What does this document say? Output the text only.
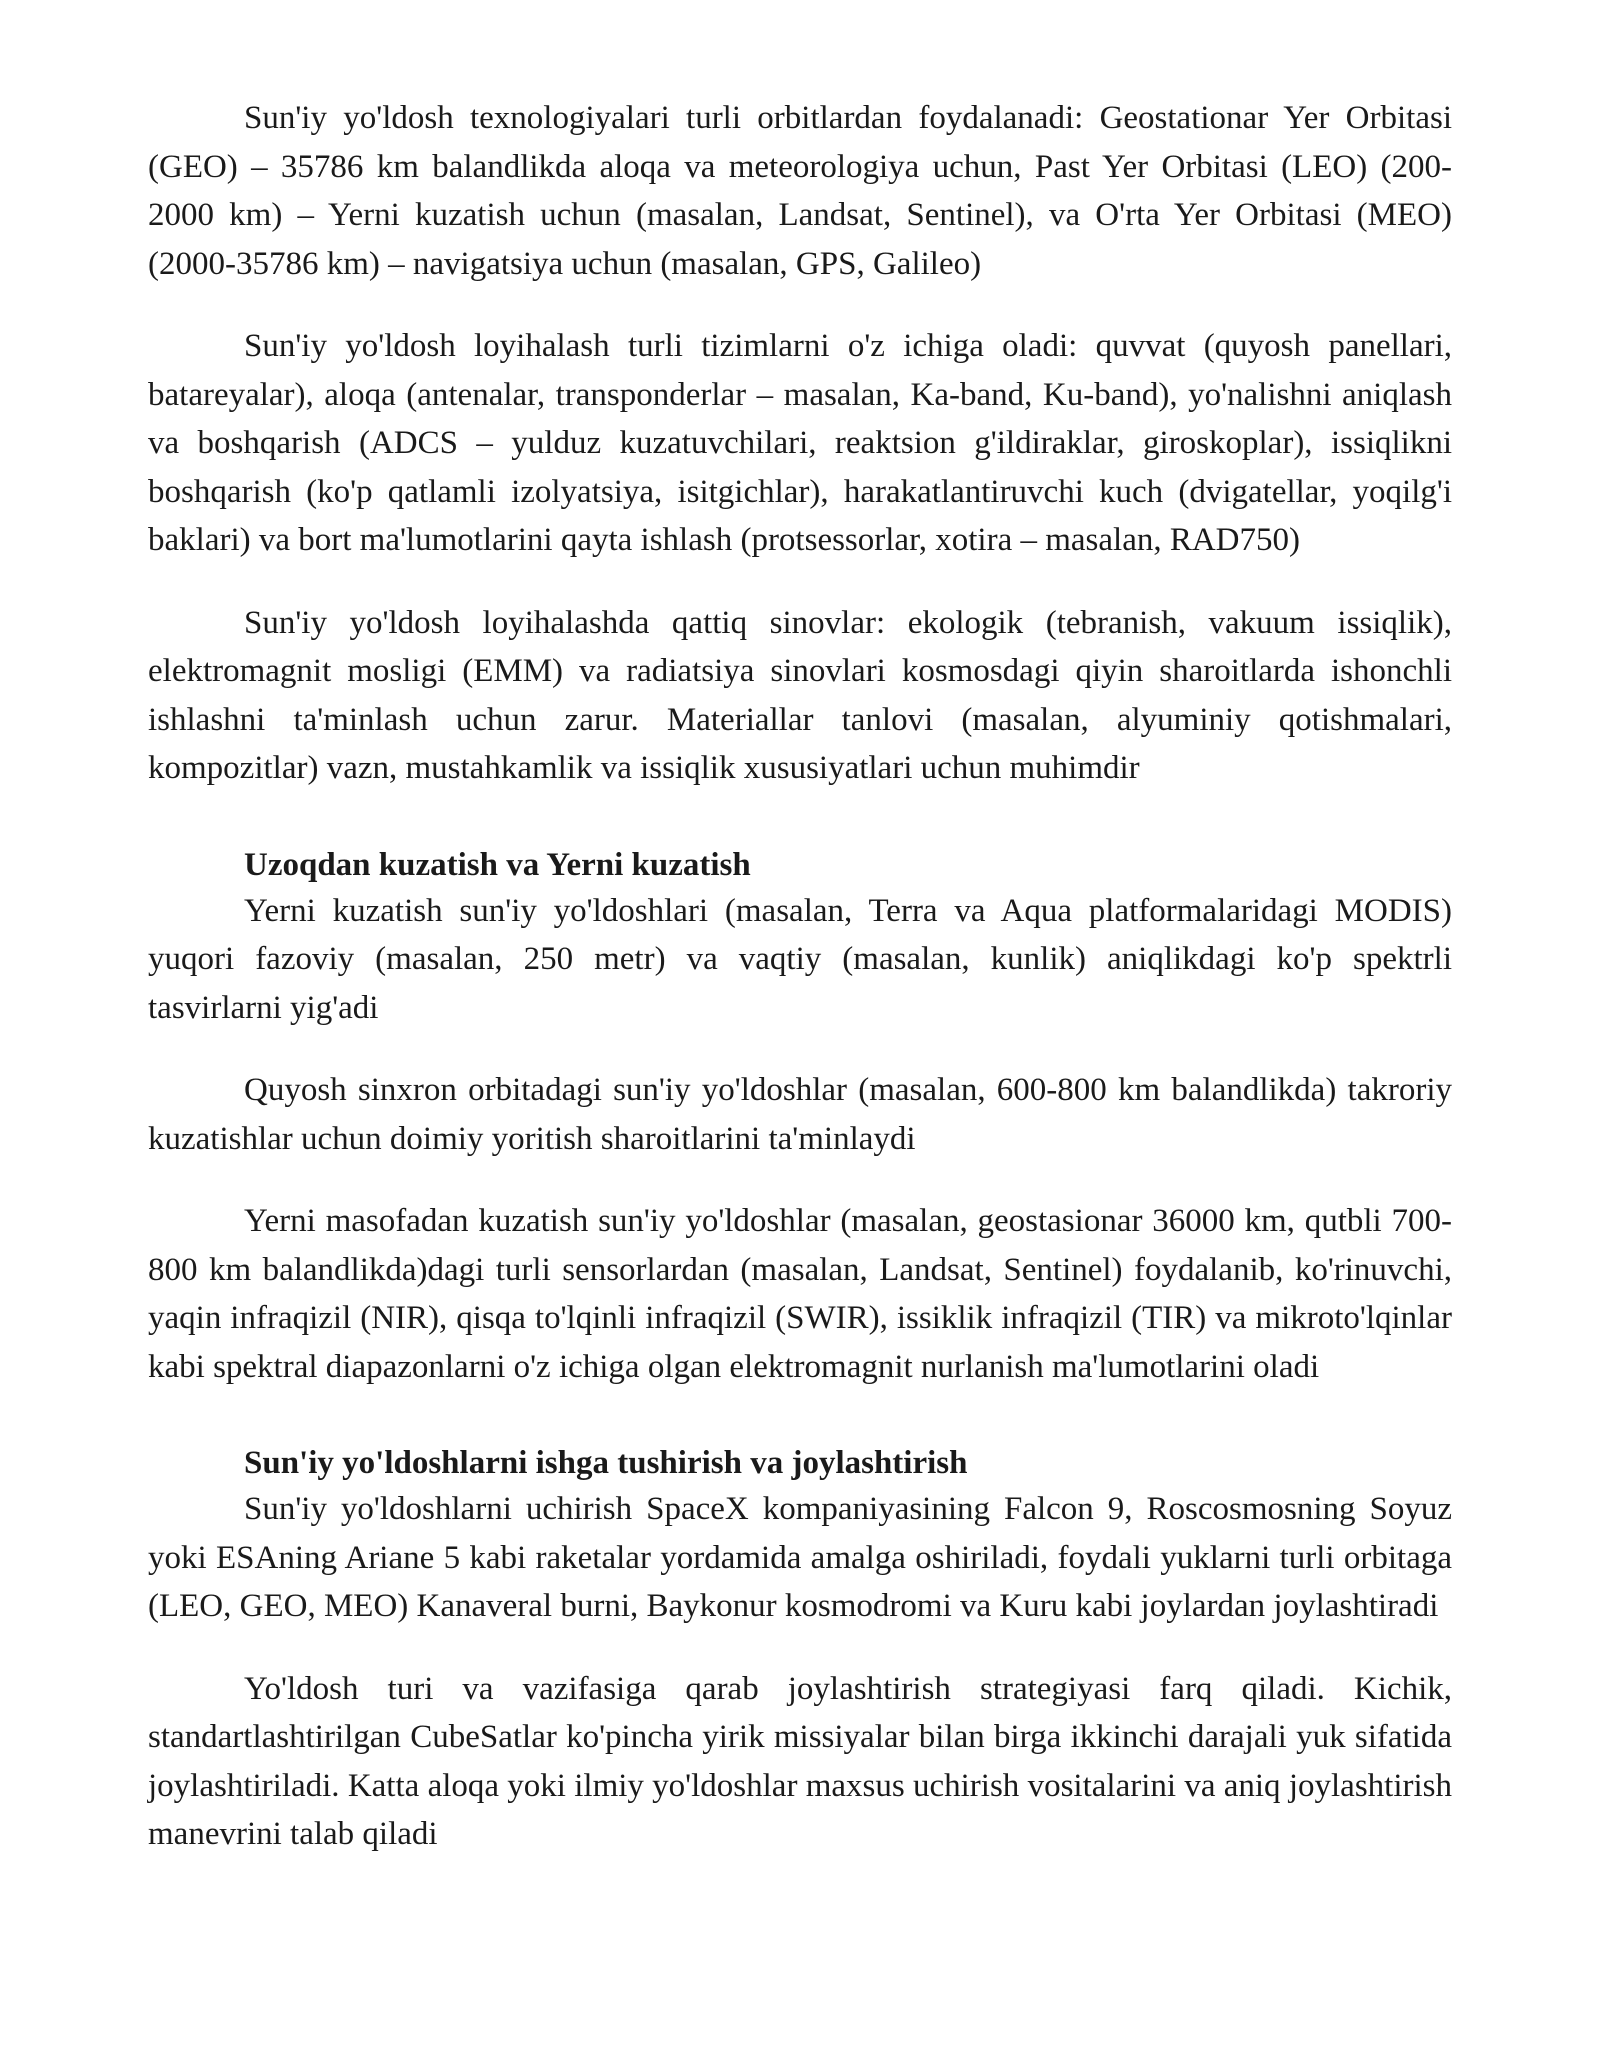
Sun'iy yo'ldosh texnologiyalari turli orbitlardan foydalanadi: Geostationar Yer Orbitasi (GEO) – 35786 km balandlikda aloqa va meteorologiya uchun, Past Yer Orbitasi (LEO) (200-2000 km) – Yerni kuzatish uchun (masalan, Landsat, Sentinel), va O'rta Yer Orbitasi (MEO) (2000-35786 km) – navigatsiya uchun (masalan, GPS, Galileo)

Sun'iy yo'ldosh loyihalash turli tizimlarni o'z ichiga oladi: quvvat (quyosh panellari, batareyalar), aloqa (antenalar, transponderlar – masalan, Ka-band, Ku-band), yo'nalishni aniqlash va boshqarish (ADCS – yulduz kuzatuvchilari, reaktsion g'ildiraklar, giroskoplar), issiqlikni boshqarish (ko'p qatlamli izolyatsiya, isitgichlar), harakatlantiruvchi kuch (dvigatellar, yoqilg'i baklari) va bort ma'lumotlarini qayta ishlash (protsessorlar, xotira – masalan, RAD750)

Sun'iy yo'ldosh loyihalashda qattiq sinovlar: ekologik (tebranish, vakuum issiqlik), elektromagnit mosligi (EMM) va radiatsiya sinovlari kosmosdagi qiyin sharoitlarda ishonchli ishlashni ta'minlash uchun zarur. Materiallar tanlovi (masalan, alyuminiy qotishmalari, kompozitlar) vazn, mustahkamlik va issiqlik xususiyatlari uchun muhimdir

Uzoqdan kuzatish va Yerni kuzatish

Yerni kuzatish sun'iy yo'ldoshlari (masalan, Terra va Aqua platformalaridagi MODIS) yuqori fazoviy (masalan, 250 metr) va vaqtiy (masalan, kunlik) aniqlikdagi ko'p spektrli tasvirlarni yig'adi

Quyosh sinxron orbitadagi sun'iy yo'ldoshlar (masalan, 600-800 km balandlikda) takroriy kuzatishlar uchun doimiy yoritish sharoitlarini ta'minlaydi

Yerni masofadan kuzatish sun'iy yo'ldoshlar (masalan, geostasionar 36000 km, qutbli 700-800 km balandlikda)dagi turli sensorlardan (masalan, Landsat, Sentinel) foydalanib, ko'rinuvchi, yaqin infraqizil (NIR), qisqa to'lqinli infraqizil (SWIR), issiklik infraqizil (TIR) va mikroto'lqinlar kabi spektral diapazonlarni o'z ichiga olgan elektromagnit nurlanish ma'lumotlarini oladi

Sun'iy yo'ldoshlarni ishga tushirish va joylashtirish

Sun'iy yo'ldoshlarni uchirish SpaceX kompaniyasining Falcon 9, Roscosmosning Soyuz yoki ESAning Ariane 5 kabi raketalar yordamida amalga oshiriladi, foydali yuklarni turli orbitaga (LEO, GEO, MEO) Kanaveral burni, Baykonur kosmodromi va Kuru kabi joylardan joylashtiradi

Yo'ldosh turi va vazifasiga qarab joylashtirish strategiyasi farq qiladi. Kichik, standartlashtirilgan CubeSatlar ko'pincha yirik missiyalar bilan birga ikkinchi darajali yuk sifatida joylashtiriladi. Katta aloqa yoki ilmiy yo'ldoshlar maxsus uchirish vositalarini va aniq joylashtirish manevrini talab qiladi
